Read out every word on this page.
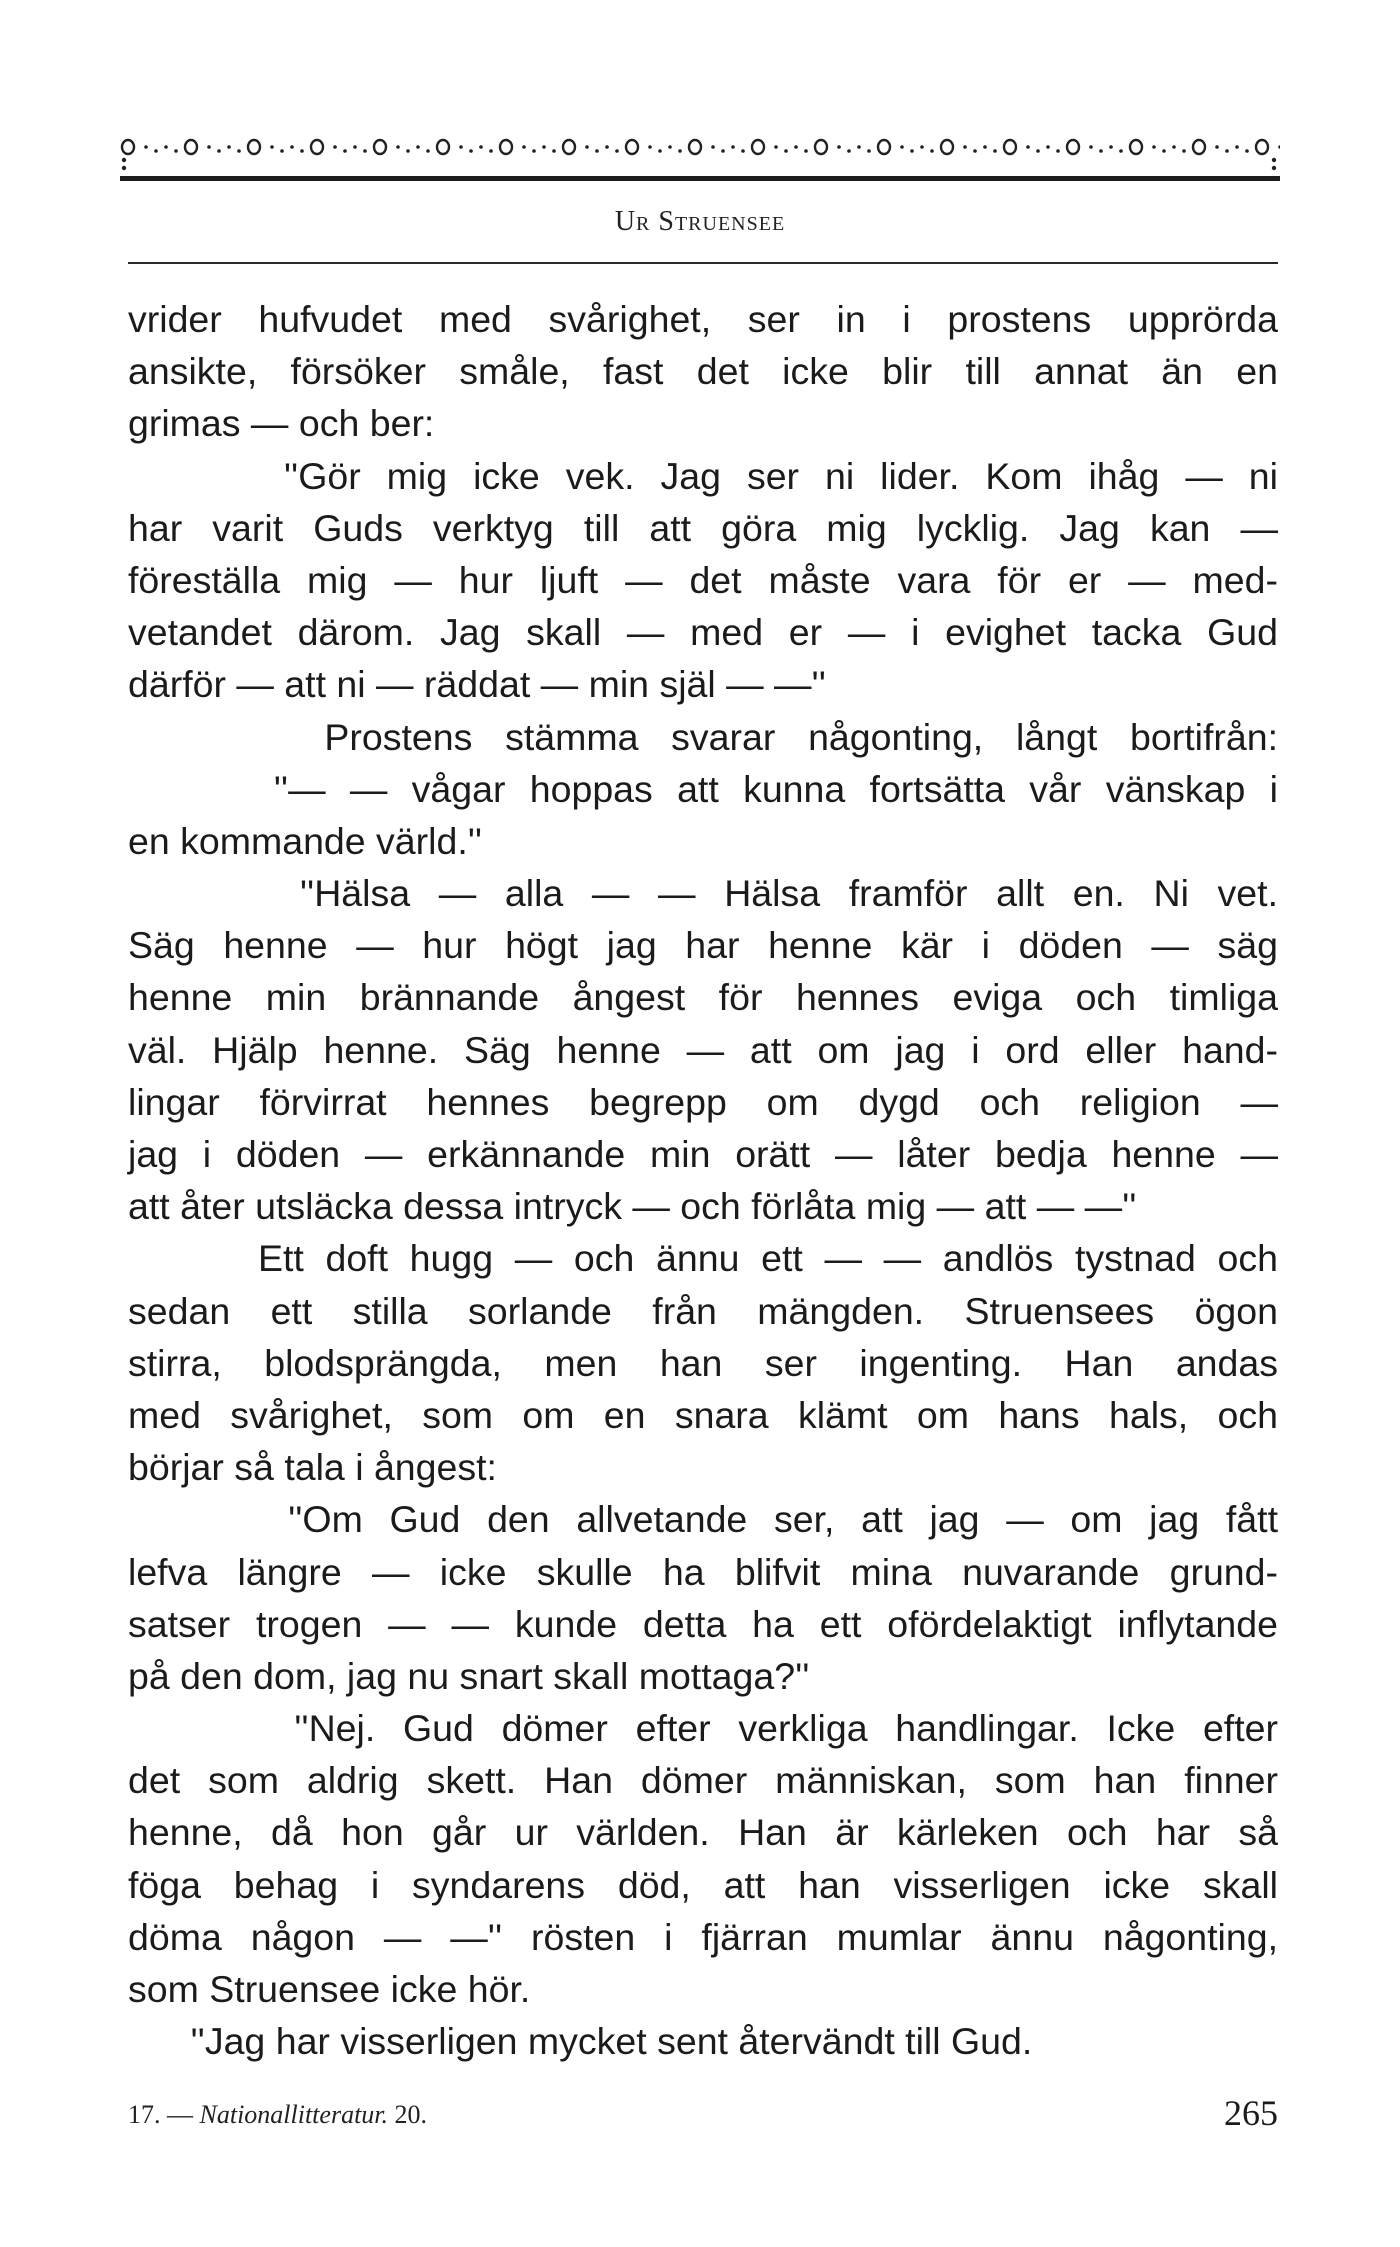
Ur Struensee
vrider hufvudet med svårighet, ser in i prostens upprörda
ansikte, försöker småle, fast det icke blir till annat än en
grimas — och ber:
''Gör mig icke vek. Jag ser ni lider. Kom ihåg — ni
har varit Guds verktyg till att göra mig lycklig. Jag kan —
föreställa mig — hur ljuft — det måste vara för er — med-
vetandet därom. Jag skall — med er — i evighet tacka Gud
därför — att ni — räddat — min själ — —''
Prostens stämma svarar någonting, långt bortifrån:
''— — vågar hoppas att kunna fortsätta vår vänskap i
en kommande värld.''
''Hälsa — alla — — Hälsa framför allt en. Ni vet.
Säg henne — hur högt jag har henne kär i döden — säg
henne min brännande ångest för hennes eviga och timliga
väl. Hjälp henne. Säg henne — att om jag i ord eller hand-
lingar förvirrat hennes begrepp om dygd och religion —
jag i döden — erkännande min orätt — låter bedja henne —
att åter utsläcka dessa intryck — och förlåta mig — att — —''
Ett doft hugg — och ännu ett — — andlös tystnad och
sedan ett stilla sorlande från mängden. Struensees ögon
stirra, blodsprängda, men han ser ingenting. Han andas
med svårighet, som om en snara klämt om hans hals, och
börjar så tala i ångest:
''Om Gud den allvetande ser, att jag — om jag fått
lefva längre — icke skulle ha blifvit mina nuvarande grund-
satser trogen — — kunde detta ha ett ofördelaktigt inflytande
på den dom, jag nu snart skall mottaga?''
''Nej. Gud dömer efter verkliga handlingar. Icke efter
det som aldrig skett. Han dömer människan, som han finner
henne, då hon går ur världen. Han är kärleken och har så
föga behag i syndarens död, att han visserligen icke skall
döma någon — —'' rösten i fjärran mumlar ännu någonting,
som Struensee icke hör.
''Jag har visserligen mycket sent återvändt till Gud.
17. — Nationallitteratur. 20.	265
